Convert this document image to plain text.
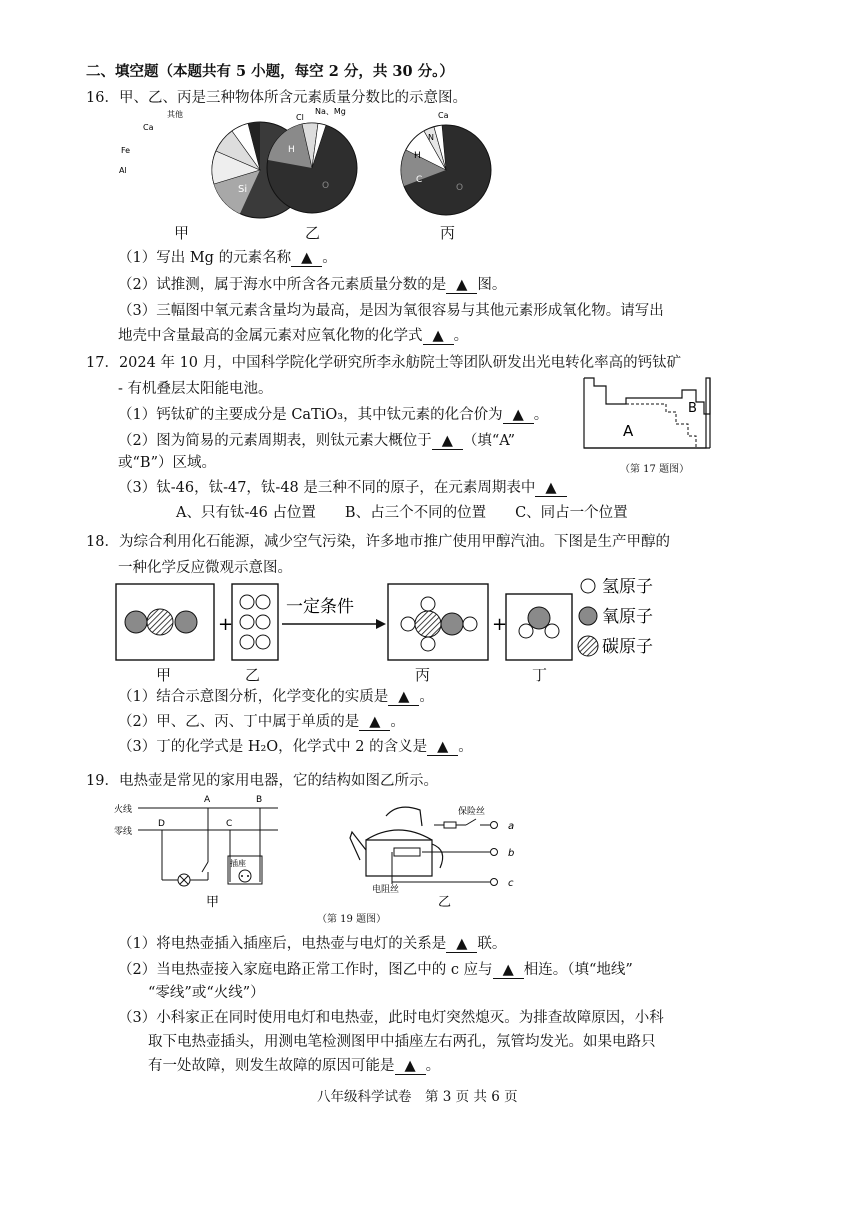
二、填空题（本题共有 5 小题，每空 2 分，共 30 分。）
16．甲、乙、丙是三种物体所含元素质量分数比的示意图。
Si
其他
Ca
Fe
Al
H
O
Cl
Na、Mg
H
C
N
O
Ca
甲	乙	丙
（1）写出 Mg 的元素名称 ▲ 。
（2）试推测，属于海水中所含各元素质量分数的是 ▲ 图。
（3）三幅图中氧元素含量均为最高，是因为氧很容易与其他元素形成氧化物。请写出
地壳中含量最高的金属元素对应氧化物的化学式 ▲ 。
17．2024 年 10 月，中国科学院化学研究所李永舫院士等团队研发出光电转化率高的钙钛矿
- 有机叠层太阳能电池。
（1）钙钛矿的主要成分是 CaTiO₃，其中钛元素的化合价为 ▲ 。
（2）图为简易的元素周期表，则钛元素大概位于 ▲ （填“A”
或“B”）区域。
（3）钛-46，钛-47，钛-48 是三种不同的原子，在元素周期表中 ▲
A、只有钛-46 占位置　　B、占三个不同的位置　　C、同占一个位置
A
B
（第 17 题图）
18．为综合利用化石能源，减少空气污染，许多地市推广使用甲醇汽油。下图是生产甲醇的
一种化学反应微观示意图。
+
一定条件
+
氢原子
氧原子
碳原子
甲	乙	丙	丁
（1）结合示意图分析，化学变化的实质是 ▲ 。
（2）甲、乙、丙、丁中属于单质的是 ▲ 。
（3）丁的化学式是 H₂O，化学式中 2 的含义是 ▲ 。
19．电热壶是常见的家用电器，它的结构如图乙所示。
火线
零线
A	B
D	C
插座
保险丝
电阻丝
a
b
c
甲	乙
（第 19 题图）
（1）将电热壶插入插座后，电热壶与电灯的关系是 ▲ 联。
（2）当电热壶接入家庭电路正常工作时，图乙中的 c 应与 ▲ 相连。（填“地线”
“零线”或“火线”）
（3）小科家正在同时使用电灯和电热壶，此时电灯突然熄灭。为排查故障原因，小科
取下电热壶插头，用测电笔检测图甲中插座左右两孔，氖管均发光。如果电路只
有一处故障，则发生故障的原因可能是 ▲ 。
八年级科学试卷　第 3 页 共 6 页
